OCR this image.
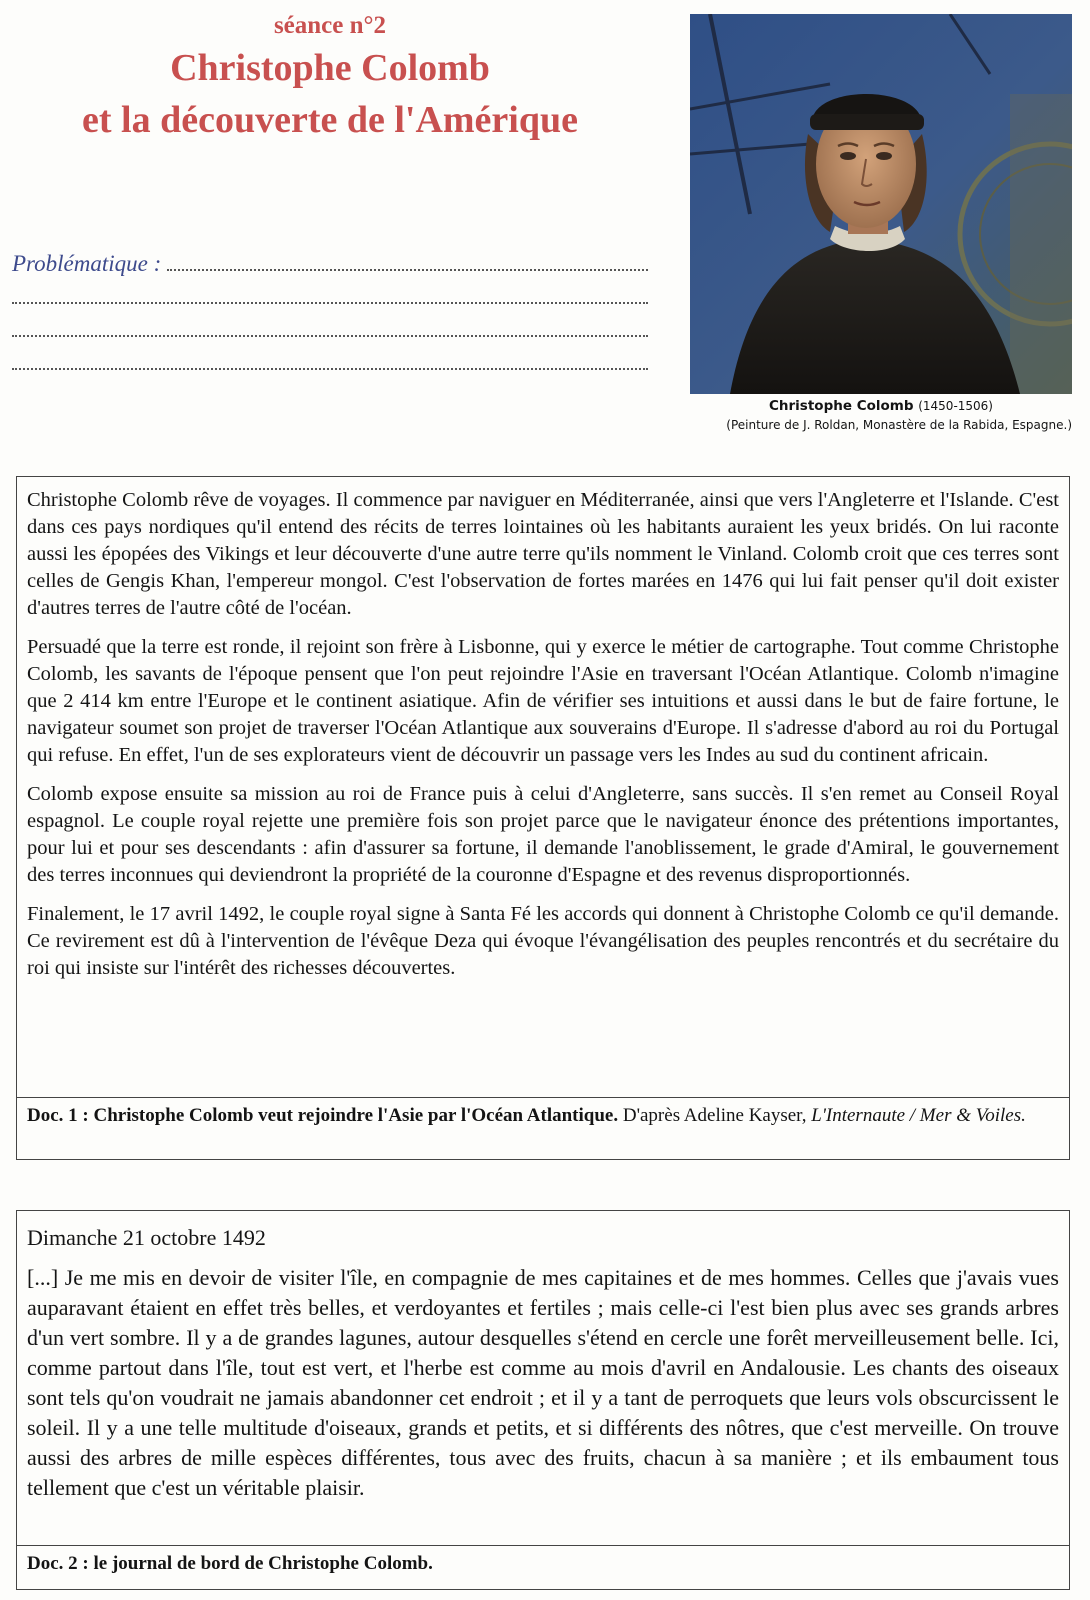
séance n°2
Christophe Colomb
et la découverte de l'Amérique
Problématique :
Christophe Colomb (1450-1506)
(Peinture de J. Roldan, Monastère de la Rabida, Espagne.)

Christophe Colomb rêve de voyages. Il commence par naviguer en Méditerranée, ainsi que vers l'Angleterre et l'Islande. C'est dans ces pays nordiques qu'il entend des récits de terres lointaines où les habitants auraient les yeux bridés. On lui raconte aussi les épopées des Vikings et leur découverte d'une autre terre qu'ils nomment le Vinland. Colomb croit que ces terres sont celles de Gengis Khan, l'empereur mongol. C'est l'observation de fortes marées en 1476 qui lui fait penser qu'il doit exister d'autres terres de l'autre côté de l'océan.

Persuadé que la terre est ronde, il rejoint son frère à Lisbonne, qui y exerce le métier de cartographe. Tout comme Christophe Colomb, les savants de l'époque pensent que l'on peut rejoindre l'Asie en traversant l'Océan Atlantique. Colomb n'imagine que 2 414 km entre l'Europe et le continent asiatique. Afin de vérifier ses intuitions et aussi dans le but de faire fortune, le navigateur soumet son projet de traverser l'Océan Atlantique aux souverains d'Europe. Il s'adresse d'abord au roi du Portugal qui refuse. En effet, l'un de ses explorateurs vient de découvrir un passage vers les Indes au sud du continent africain.

Colomb expose ensuite sa mission au roi de France puis à celui d'Angleterre, sans succès. Il s'en remet au Conseil Royal espagnol. Le couple royal rejette une première fois son projet parce que le navigateur énonce des prétentions importantes, pour lui et pour ses descendants : afin d'assurer sa fortune, il demande l'anoblissement, le grade d'Amiral, le gouvernement des terres inconnues qui deviendront la propriété de la couronne d'Espagne et des revenus disproportionnés.

Finalement, le 17 avril 1492, le couple royal signe à Santa Fé les accords qui donnent à Christophe Colomb ce qu'il demande. Ce revirement est dû à l'intervention de l'évêque Deza qui évoque l'évangélisation des peuples rencontrés et du secrétaire du roi qui insiste sur l'intérêt des richesses découvertes.

Doc. 1 : Christophe Colomb veut rejoindre l'Asie par l'Océan Atlantique. D'après Adeline Kayser, L'Internaute / Mer & Voiles.
Dimanche 21 octobre 1492

[...] Je me mis en devoir de visiter l'île, en compagnie de mes capitaines et de mes hommes. Celles que j'avais vues auparavant étaient en effet très belles, et verdoyantes et fertiles ; mais celle-ci l'est bien plus avec ses grands arbres d'un vert sombre. Il y a de grandes lagunes, autour desquelles s'étend en cercle une forêt merveilleusement belle. Ici, comme partout dans l'île, tout est vert, et l'herbe est comme au mois d'avril en Andalousie. Les chants des oiseaux sont tels qu'on voudrait ne jamais abandonner cet endroit ; et il y a tant de perroquets que leurs vols obscurcissent le soleil. Il y a une telle multitude d'oiseaux, grands et petits, et si différents des nôtres, que c'est merveille. On trouve aussi des arbres de mille espèces différentes, tous avec des fruits, chacun à sa manière ; et ils embaument tous tellement que c'est un véritable plaisir.

Doc. 2 : le journal de bord de Christophe Colomb.
